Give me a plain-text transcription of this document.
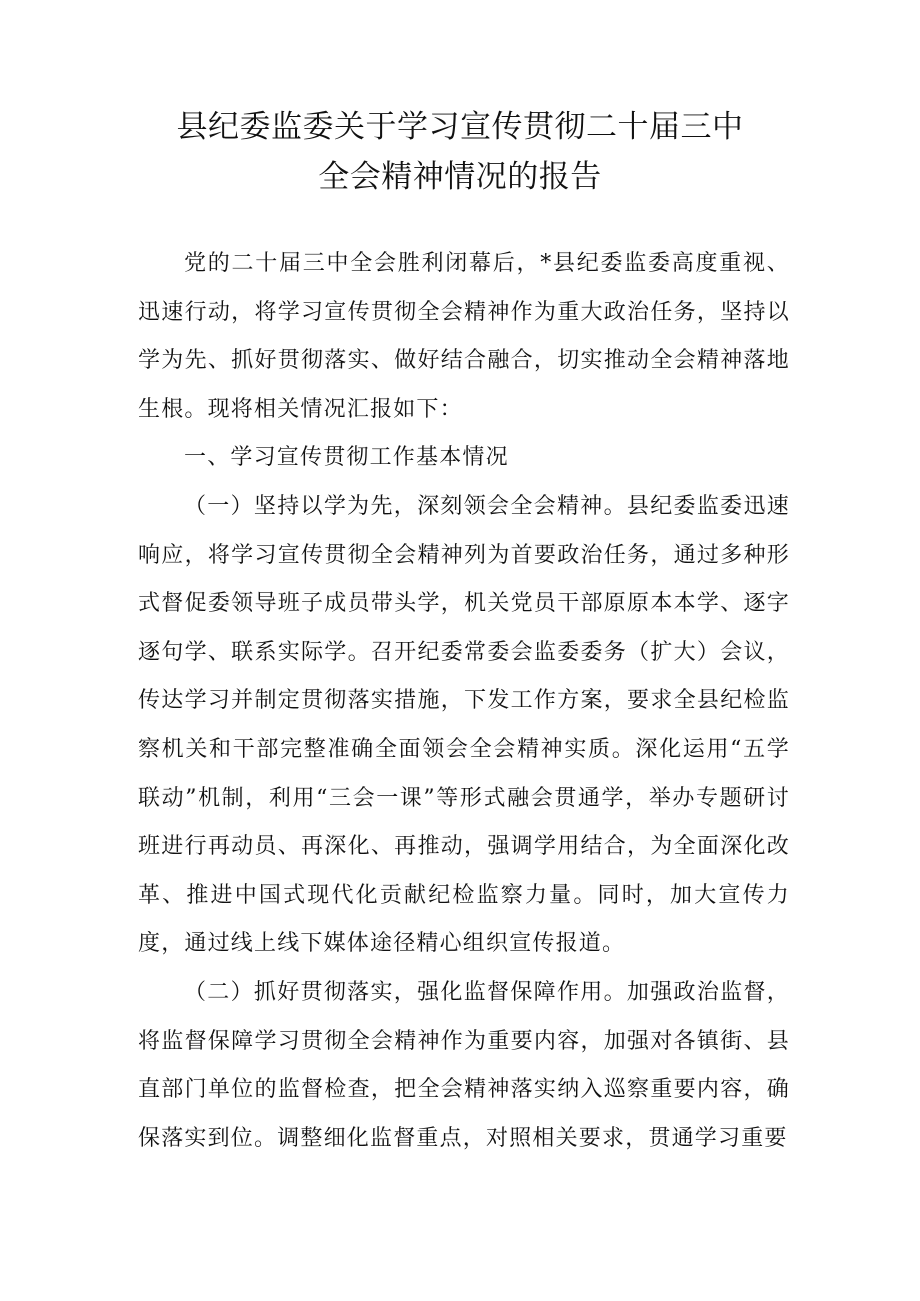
县纪委监委关于学习宣传贯彻二十届三中
全会精神情况的报告

党的二十届三中全会胜利闭幕后，*县纪委监委高度重视、迅速行动，将学习宣传贯彻全会精神作为重大政治任务，坚持以学为先、抓好贯彻落实、做好结合融合，切实推动全会精神落地生根。现将相关情况汇报如下：

一、学习宣传贯彻工作基本情况

（一）坚持以学为先，深刻领会全会精神。县纪委监委迅速响应，将学习宣传贯彻全会精神列为首要政治任务，通过多种形式督促委领导班子成员带头学，机关党员干部原原本本学、逐字逐句学、联系实际学。召开纪委常委会监委委务（扩大）会议，传达学习并制定贯彻落实措施，下发工作方案，要求全县纪检监察机关和干部完整准确全面领会全会精神实质。深化运用“五学联动”机制，利用“三会一课”等形式融会贯通学，举办专题研讨班进行再动员、再深化、再推动，强调学用结合，为全面深化改革、推进中国式现代化贡献纪检监察力量。同时，加大宣传力度，通过线上线下媒体途径精心组织宣传报道。

（二）抓好贯彻落实，强化监督保障作用。加强政治监督，将监督保障学习贯彻全会精神作为重要内容，加强对各镇街、县直部门单位的监督检查，把全会精神落实纳入巡察重要内容，确保落实到位。调整细化监督重点，对照相关要求，贯通学习重要
